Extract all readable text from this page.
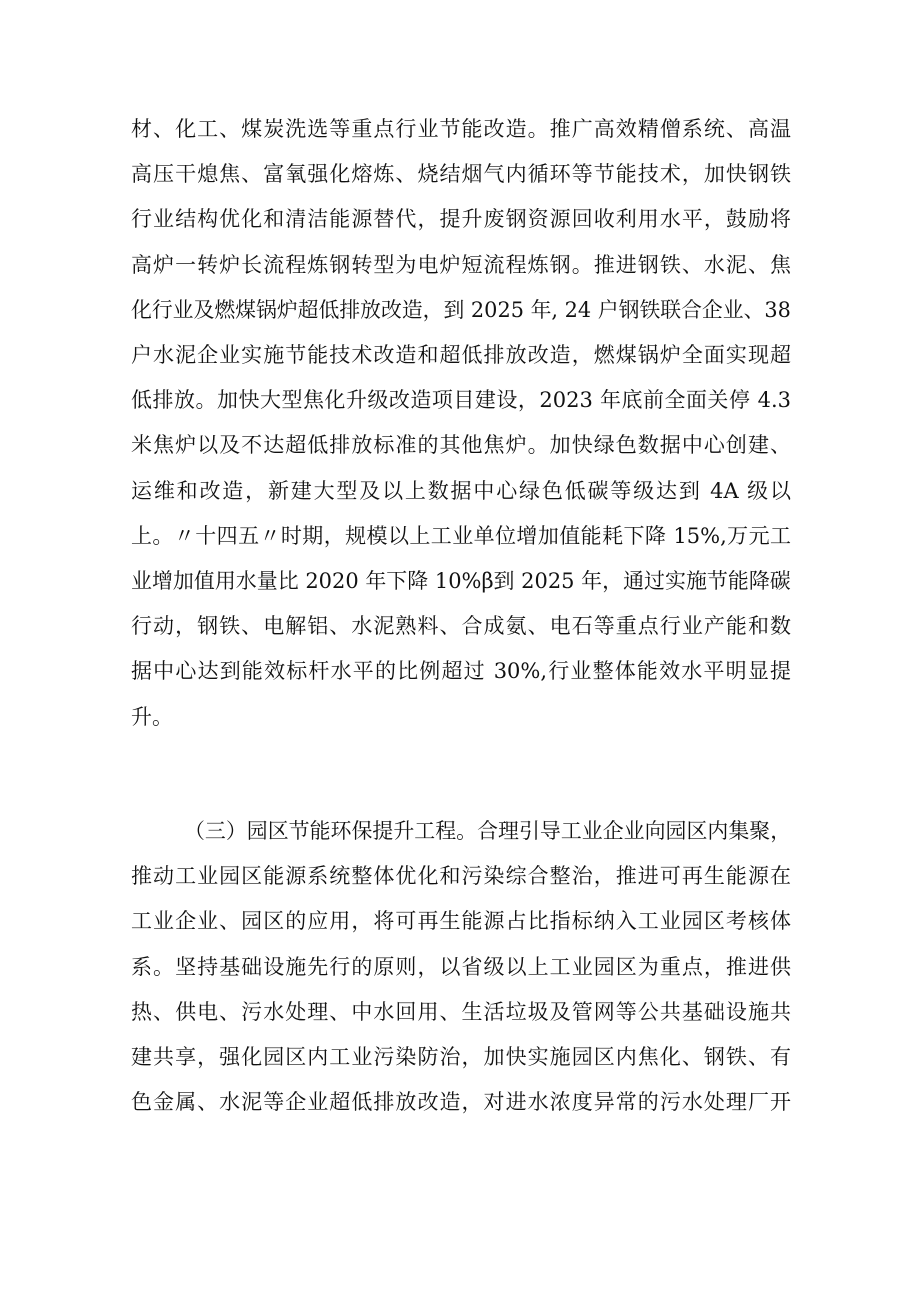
材、化工、煤炭洗选等重点行业节能改造。推广高效精僧系统、高温
高压干熄焦、富氧强化熔炼、烧结烟气内循环等节能技术，加快钢铁
行业结构优化和清洁能源替代，提升废钢资源回收利用水平，鼓励将
高炉一转炉长流程炼钢转型为电炉短流程炼钢。推进钢铁、水泥、焦
化行业及燃煤锅炉超低排放改造，到 2025 年, 24 户钢铁联合企业、38
户水泥企业实施节能技术改造和超低排放改造，燃煤锅炉全面实现超
低排放。加快大型焦化升级改造项目建设，2023 年底前全面关停 4.3
米焦炉以及不达超低排放标准的其他焦炉。加快绿色数据中心创建、
运维和改造，新建大型及以上数据中心绿色低碳等级达到 4A 级以
上。〃十四五〃时期，规模以上工业单位增加值能耗下降 15%,万元工
业增加值用水量比 2020 年下降 10%β到 2025 年，通过实施节能降碳
行动，钢铁、电解铝、水泥熟料、合成氨、电石等重点行业产能和数
据中心达到能效标杆水平的比例超过 30%,行业整体能效水平明显提
升。
（三）园区节能环保提升工程。合理引导工业企业向园区内集聚，
推动工业园区能源系统整体优化和污染综合整治，推进可再生能源在
工业企业、园区的应用，将可再生能源占比指标纳入工业园区考核体
系。坚持基础设施先行的原则，以省级以上工业园区为重点，推进供
热、供电、污水处理、中水回用、生活垃圾及管网等公共基础设施共
建共享，强化园区内工业污染防治，加快实施园区内焦化、钢铁、有
色金属、水泥等企业超低排放改造，对进水浓度异常的污水处理厂开
